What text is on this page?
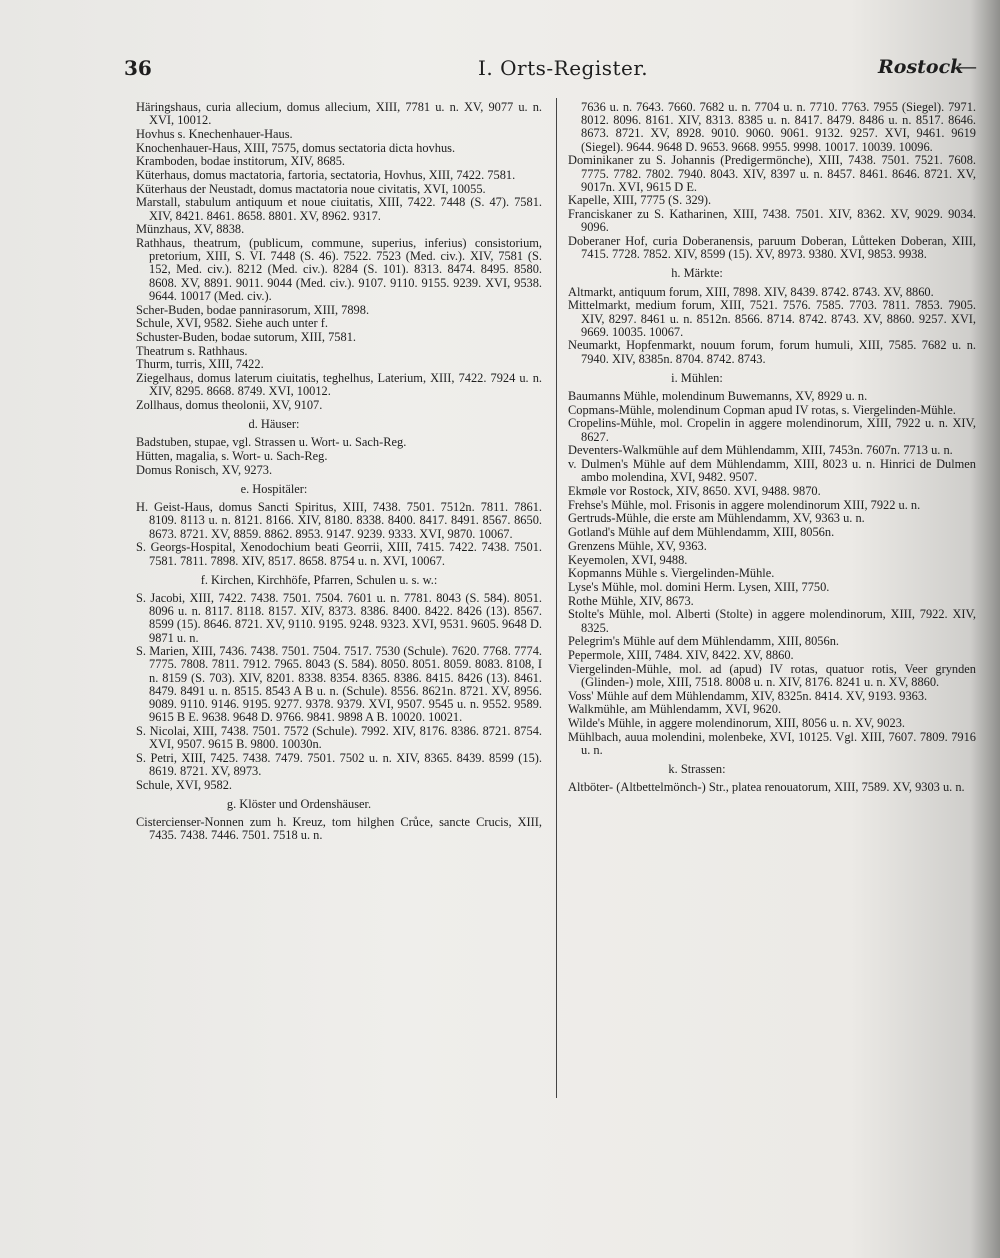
36	I. Orts-Register.	Rostock
—
Häringshaus, curia allecium, domus allecium, XIII, 7781 u. n. XV, 9077 u. n. XVI, 10012.
Hovhus s. Knechenhauer-Haus.
Knochenhauer-Haus, XIII, 7575, domus sectatoria dicta hovhus.
Kramboden, bodae institorum, XIV, 8685.
Küterhaus, domus mactatoria, fartoria, sectatoria, Hovhus, XIII, 7422. 7581.
Küterhaus der Neustadt, domus mactatoria noue civitatis, XVI, 10055.
Marstall, stabulum antiquum et noue ciuitatis, XIII, 7422. 7448 (S. 47). 7581. XIV, 8421. 8461. 8658. 8801. XV, 8962. 9317.
Münzhaus, XV, 8838.
Rathhaus, theatrum, (publicum, commune, superius, inferius) consistorium, pretorium, XIII, S. VI. 7448 (S. 46). 7522. 7523 (Med. civ.). XIV, 7581 (S. 152, Med. civ.). 8212 (Med. civ.). 8284 (S. 101). 8313. 8474. 8495. 8580. 8608. XV, 8891. 9011. 9044 (Med. civ.). 9107. 9110. 9155. 9239. XVI, 9538. 9644. 10017 (Med. civ.).
Scher-Buden, bodae pannirasorum, XIII, 7898.
Schule, XVI, 9582. Siehe auch unter f.
Schuster-Buden, bodae sutorum, XIII, 7581.
Theatrum s. Rathhaus.
Thurm, turris, XIII, 7422.
Ziegelhaus, domus laterum ciuitatis, teghelhus, Laterium, XIII, 7422. 7924 u. n. XIV, 8295. 8668. 8749. XVI, 10012.
Zollhaus, domus theolonii, XV, 9107.
d. Häuser:
Badstuben, stupae, vgl. Strassen u. Wort- u. Sach-Reg.
Hütten, magalia, s. Wort- u. Sach-Reg.
Domus Ronisch, XV, 9273.
e. Hospitäler:
H. Geist-Haus, domus Sancti Spiritus, XIII, 7438. 7501. 7512n. 7811. 7861. 8109. 8113 u. n. 8121. 8166. XIV, 8180. 8338. 8400. 8417. 8491. 8567. 8650. 8673. 8721. XV, 8859. 8862. 8953. 9147. 9239. 9333. XVI, 9870. 10067.
S. Georgs-Hospital, Xenodochium beati Georrii, XIII, 7415. 7422. 7438. 7501. 7581. 7811. 7898. XIV, 8517. 8658. 8754 u. n. XVI, 10067.
f. Kirchen, Kirchhöfe, Pfarren, Schulen u. s. w.:
S. Jacobi, XIII, 7422. 7438. 7501. 7504. 7601 u. n. 7781. 8043 (S. 584). 8051. 8096 u. n. 8117. 8118. 8157. XIV, 8373. 8386. 8400. 8422. 8426 (13). 8567. 8599 (15). 8646. 8721. XV, 9110. 9195. 9248. 9323. XVI, 9531. 9605. 9648 D. 9871 u. n.
S. Marien, XIII, 7436. 7438. 7501. 7504. 7517. 7530 (Schule). 7620. 7768. 7774. 7775. 7808. 7811. 7912. 7965. 8043 (S. 584). 8050. 8051. 8059. 8083. 8108, I n. 8159 (S. 703). XIV, 8201. 8338. 8354. 8365. 8386. 8415. 8426 (13). 8461. 8479. 8491 u. n. 8515. 8543 A B u. n. (Schule). 8556. 8621n. 8721. XV, 8956. 9089. 9110. 9146. 9195. 9277. 9378. 9379. XVI, 9507. 9545 u. n. 9552. 9589. 9615 B E. 9638. 9648 D. 9766. 9841. 9898 A B. 10020. 10021.
S. Nicolai, XIII, 7438. 7501. 7572 (Schule). 7992. XIV, 8176. 8386. 8721. 8754. XVI, 9507. 9615 B. 9800. 10030n.
S. Petri, XIII, 7425. 7438. 7479. 7501. 7502 u. n. XIV, 8365. 8439. 8599 (15). 8619. 8721. XV, 8973.
Schule, XVI, 9582.
g. Klöster und Ordenshäuser.
Cistercienser-Nonnen zum h. Kreuz, tom hilghen Crůce, sancte Crucis, XIII, 7435. 7438. 7446. 7501. 7518 u. n.
7636 u. n. 7643. 7660. 7682 u. n. 7704 u. n. 7710. 7763. 7955 (Siegel). 7971. 8012. 8096. 8161. XIV, 8313. 8385 u. n. 8417. 8479. 8486 u. n. 8517. 8646. 8673. 8721. XV, 8928. 9010. 9060. 9061. 9132. 9257. XVI, 9461. 9619 (Siegel). 9644. 9648 D. 9653. 9668. 9955. 9998. 10017. 10039. 10096.
Dominikaner zu S. Johannis (Predigermönche), XIII, 7438. 7501. 7521. 7608. 7775. 7782. 7802. 7940. 8043. XIV, 8397 u. n. 8457. 8461. 8646. 8721. XV, 9017n. XVI, 9615 D E.
Kapelle, XIII, 7775 (S. 329).
Franciskaner zu S. Katharinen, XIII, 7438. 7501. XIV, 8362. XV, 9029. 9034. 9096.
Doberaner Hof, curia Doberanensis, paruum Doberan, Lůtteken Doberan, XIII, 7415. 7728. 7852. XIV, 8599 (15). XV, 8973. 9380. XVI, 9853. 9938.
h. Märkte:
Altmarkt, antiquum forum, XIII, 7898. XIV, 8439. 8742. 8743. XV, 8860.
Mittelmarkt, medium forum, XIII, 7521. 7576. 7585. 7703. 7811. 7853. 7905. XIV, 8297. 8461 u. n. 8512n. 8566. 8714. 8742. 8743. XV, 8860. 9257. XVI, 9669. 10035. 10067.
Neumarkt, Hopfenmarkt, nouum forum, forum humuli, XIII, 7585. 7682 u. n. 7940. XIV, 8385n. 8704. 8742. 8743.
i. Mühlen:
Baumanns Mühle, molendinum Buwemanns, XV, 8929 u. n.
Copmans-Mühle, molendinum Copman apud IV rotas, s. Viergelinden-Mühle.
Cropelins-Mühle, mol. Cropelin in aggere molendinorum, XIII, 7922 u. n. XIV, 8627.
Deventers-Walkmühle auf dem Mühlendamm, XIII, 7453n. 7607n. 7713 u. n.
v. Dulmen's Mühle auf dem Mühlendamm, XIII, 8023 u. n. Hinrici de Dulmen ambo molendina, XVI, 9482. 9507.
Ekmøle vor Rostock, XIV, 8650. XVI, 9488. 9870.
Frehse's Mühle, mol. Frisonis in aggere molendinorum XIII, 7922 u. n.
Gertruds-Mühle, die erste am Mühlendamm, XV, 9363 u. n.
Gotland's Mühle auf dem Mühlendamm, XIII, 8056n.
Grenzens Mühle, XV, 9363.
Keyemolen, XVI, 9488.
Kopmanns Mühle s. Viergelinden-Mühle.
Lyse's Mühle, mol. domini Herm. Lysen, XIII, 7750.
Rothe Mühle, XIV, 8673.
Stolte's Mühle, mol. Alberti (Stolte) in aggere molendinorum, XIII, 7922. XIV, 8325.
Pelegrim's Mühle auf dem Mühlendamm, XIII, 8056n.
Pepermole, XIII, 7484. XIV, 8422. XV, 8860.
Viergelinden-Mühle, mol. ad (apud) IV rotas, quatuor rotis, Veer grynden (Glinden-) mole, XIII, 7518. 8008 u. n. XIV, 8176. 8241 u. n. XV, 8860.
Voss' Mühle auf dem Mühlendamm, XIV, 8325n. 8414. XV, 9193. 9363.
Walkmühle, am Mühlendamm, XVI, 9620.
Wilde's Mühle, in aggere molendinorum, XIII, 8056 u. n. XV, 9023.
Mühlbach, auua molendini, molenbeke, XVI, 10125. Vgl. XIII, 7607. 7809. 7916 u. n.
k. Strassen:
Altböter- (Altbettelmönch-) Str., platea renouatorum, XIII, 7589. XV, 9303 u. n.
